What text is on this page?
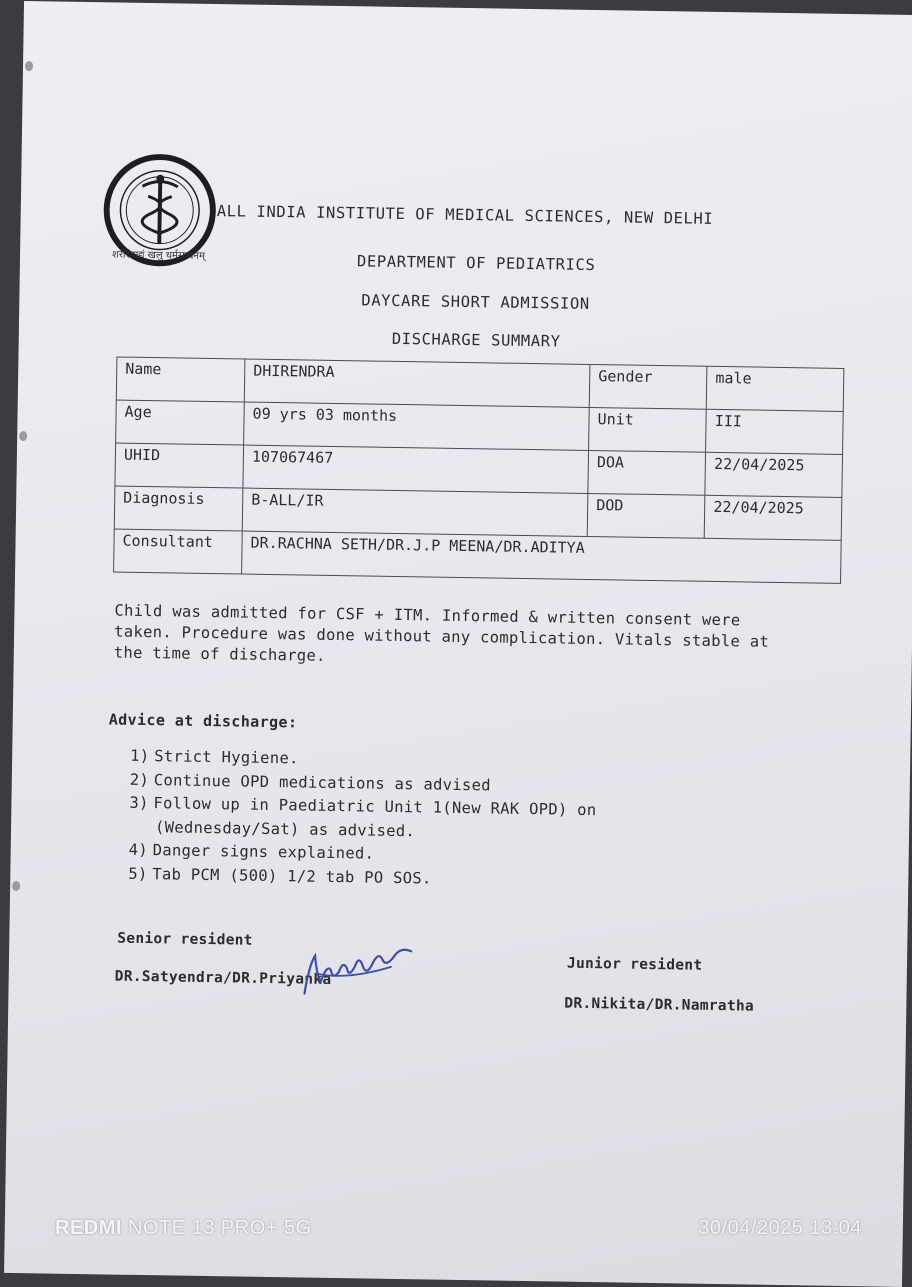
शरीरमाद्यं खलु धर्मसाधनम्
ALL INDIA INSTITUTE OF MEDICAL SCIENCES, NEW DELHI
DEPARTMENT OF PEDIATRICS
DAYCARE SHORT ADMISSION
DISCHARGE SUMMARY
Name	DHIRENDRA	Gender	male
Age	09 yrs 03 months	Unit	III
UHID	107067467	DOA	22/04/2025
Diagnosis	B-ALL/IR	DOD	22/04/2025
Consultant	DR.RACHNA SETH/DR.J.P MEENA/DR.ADITYA		
Child was admitted for CSF + ITM. Informed & written consent were taken. Procedure was done without any complication. Vitals stable at the time of discharge.
Advice at discharge:
1) Strict Hygiene.
2) Continue OPD medications as advised
3) Follow up in Paediatric Unit 1(New RAK OPD) on
(Wednesday/Sat) as advised.
4) Danger signs explained.
5) Tab PCM (500) 1/2 tab PO SOS.
Senior resident
DR.Satyendra/DR.Priyanka
Junior resident
DR.Nikita/DR.Namratha
REDMI NOTE 13 PRO+ 5G	30/04/2025 13:04
